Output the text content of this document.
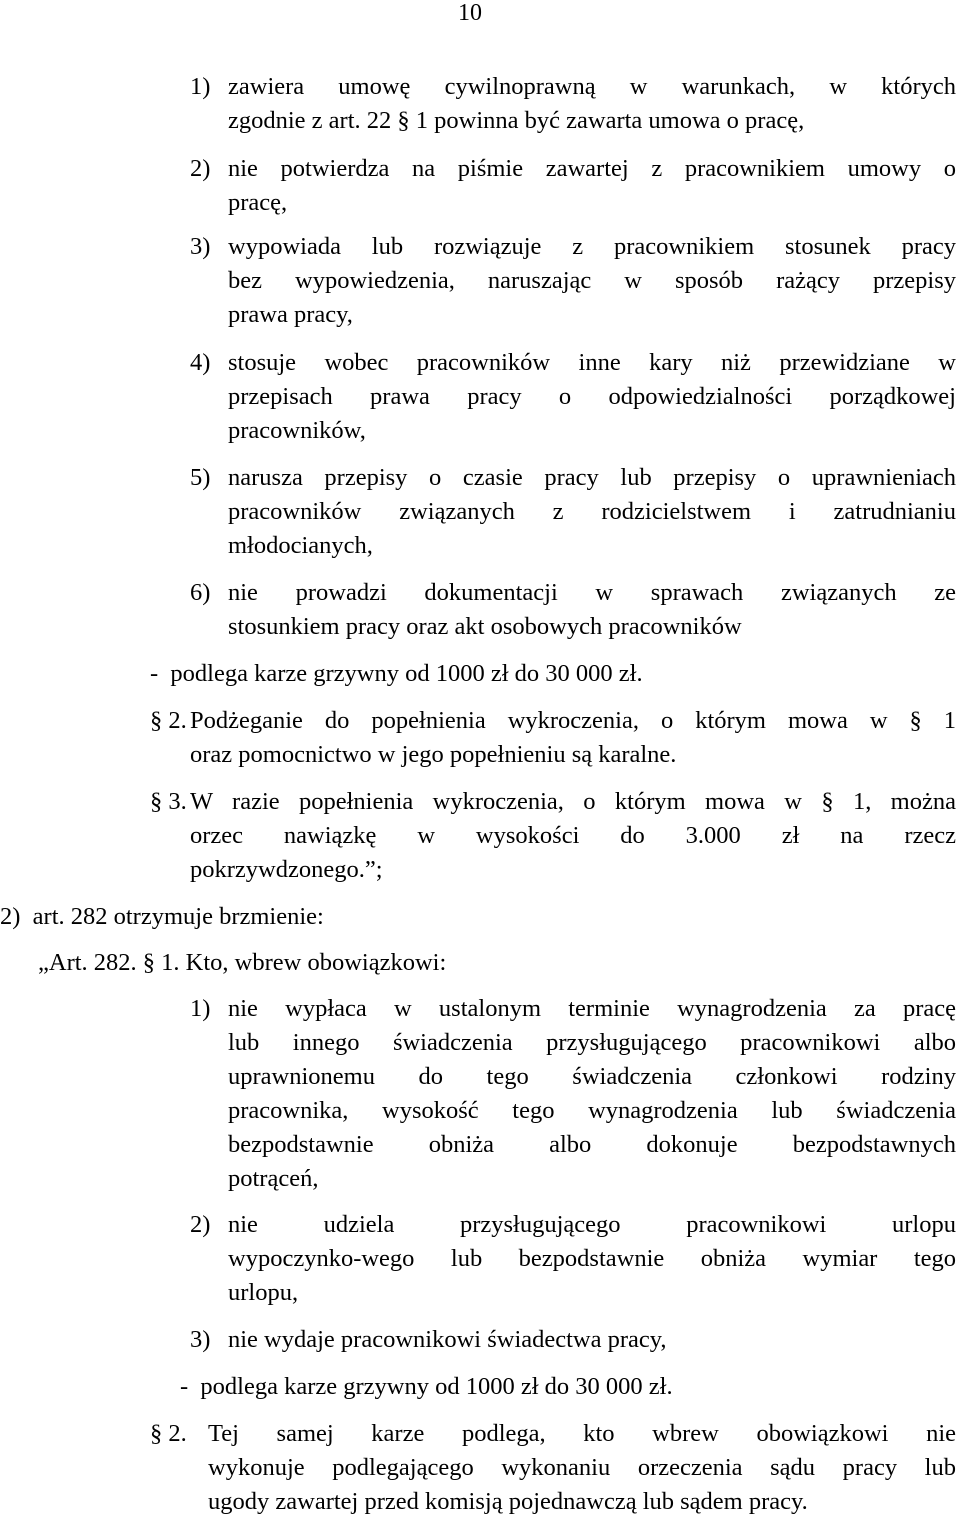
10
1) zawiera umowę cywilnoprawną w warunkach, w których
zgodnie z art. 22 § 1 powinna być zawarta umowa o pracę,
2) nie potwierdza na piśmie zawartej z pracownikiem umowy o
pracę,
3) wypowiada lub rozwiązuje z pracownikiem stosunek pracy
bez wypowiedzenia, naruszając w sposób rażący przepisy
prawa pracy,
4) stosuje wobec pracowników inne kary niż przewidziane w
przepisach prawa pracy o odpowiedzialności porządkowej
pracowników,
5) narusza przepisy o czasie pracy lub przepisy o uprawnieniach
pracowników związanych z rodzicielstwem i zatrudnianiu
młodocianych,
6) nie prowadzi dokumentacji w sprawach związanych ze
stosunkiem pracy oraz akt osobowych pracowników
-  podlega karze grzywny od 1000 zł do 30 000 zł.
§ 2. Podżeganie do popełnienia wykroczenia, o którym mowa w § 1
oraz pomocnictwo w jego popełnieniu są karalne.
§ 3. W razie popełnienia wykroczenia, o którym mowa w § 1, można
orzec nawiązkę w wysokości do 3.000 zł na rzecz
pokrzywdzonego.”;
2)  art. 282 otrzymuje brzmienie:
„Art. 282. § 1. Kto, wbrew obowiązkowi:
1) nie wypłaca w ustalonym terminie wynagrodzenia za pracę
lub innego świadczenia przysługującego pracownikowi albo
uprawnionemu do tego świadczenia członkowi rodziny
pracownika, wysokość tego wynagrodzenia lub świadczenia
bezpodstawnie obniża albo dokonuje bezpodstawnych
potrąceń,
2) nie udziela przysługującego pracownikowi urlopu
wypoczynko-wego lub bezpodstawnie obniża wymiar tego
urlopu,
3) nie wydaje pracownikowi świadectwa pracy,
-  podlega karze grzywny od 1000 zł do 30 000 zł.
§ 2. Tej samej karze podlega, kto wbrew obowiązkowi nie
wykonuje podlegającego wykonaniu orzeczenia sądu pracy lub
ugody zawartej przed komisją pojednawczą lub sądem pracy.
